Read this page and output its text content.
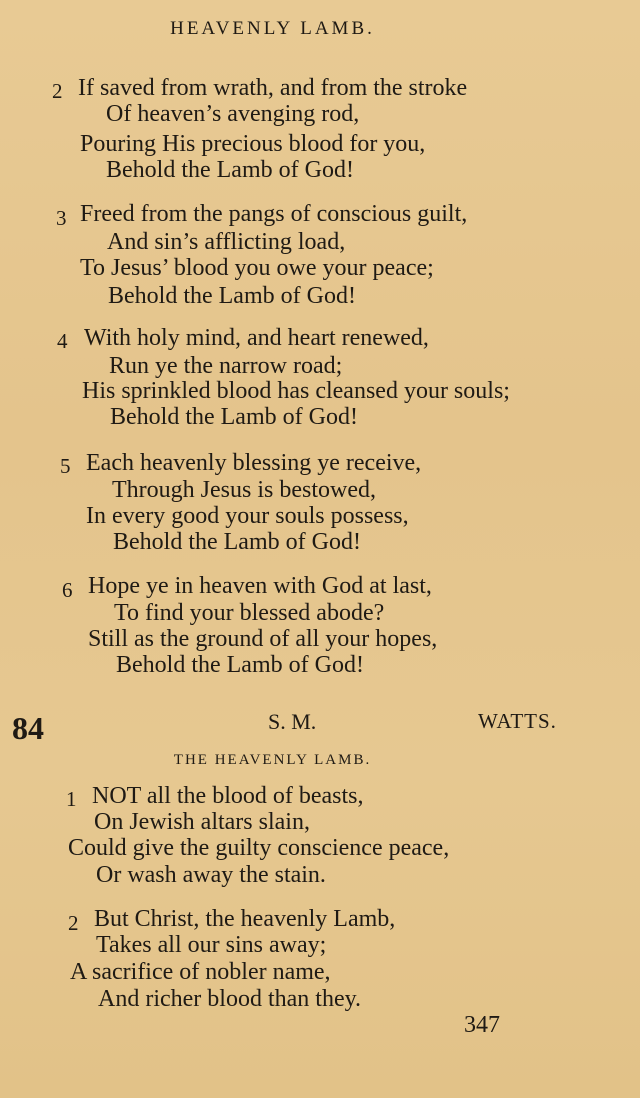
HEAVENLY LAMB.
2 If saved from wrath, and from the stroke
Of heaven’s avenging rod,
Pouring His precious blood for you,
Behold the Lamb of God!
3 Freed from the pangs of conscious guilt,
And sin’s afflicting load,
To Jesus’ blood you owe your peace;
Behold the Lamb of God!
4 With holy mind, and heart renewed,
Run ye the narrow road;
His sprinkled blood has cleansed your souls;
Behold the Lamb of God!
5 Each heavenly blessing ye receive,
Through Jesus is bestowed,
In every good your souls possess,
Behold the Lamb of God!
6 Hope ye in heaven with God at last,
To find your blessed abode?
Still as the ground of all your hopes,
Behold the Lamb of God!
84	S. M.	WATTS.
THE HEAVENLY LAMB.
1 NOT all the blood of beasts,
On Jewish altars slain,
Could give the guilty conscience peace,
Or wash away the stain.
2 But Christ, the heavenly Lamb,
Takes all our sins away;
A sacrifice of nobler name,
And richer blood than they.
347
